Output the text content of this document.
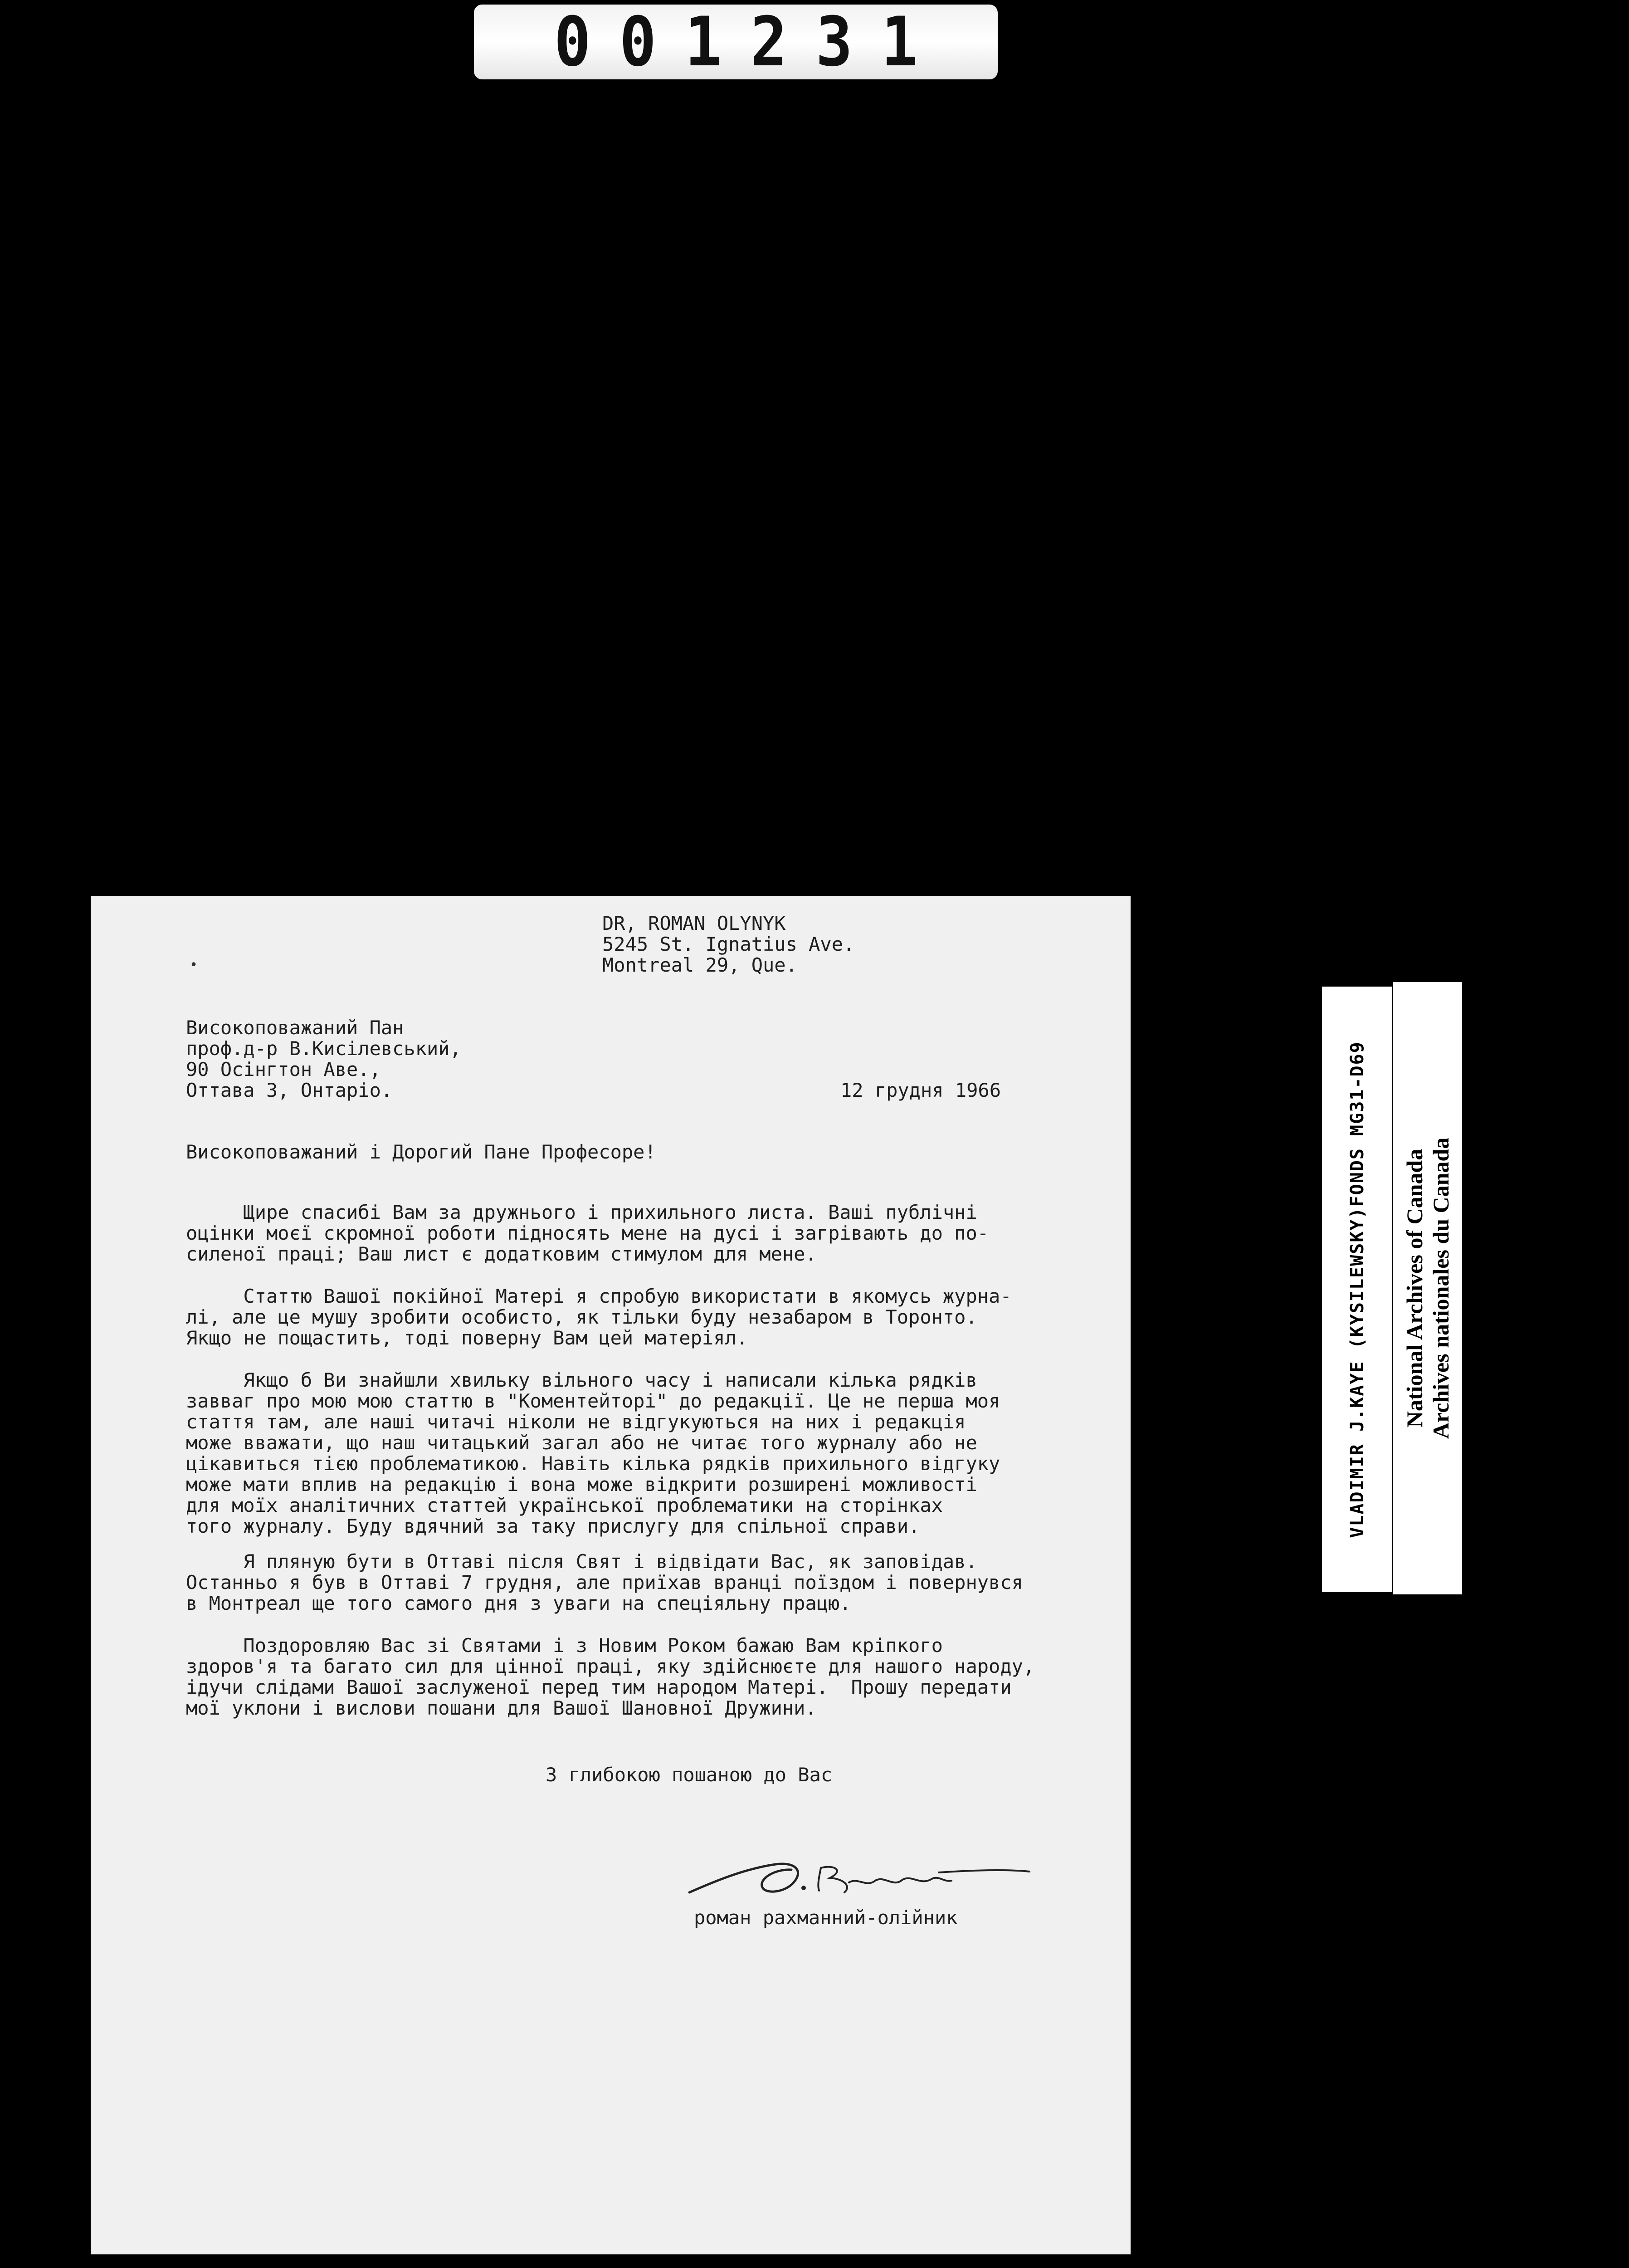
001231
•
DR, ROMAN OLYNYK
5245 St. Ignatius Ave.
Montreal 29, Que.
Високоповажаний Пан
проф.д-р В.Кисілевський,
90 Осінгтон Аве.,
Оттава 3, Онтаріо.	12 грудня 1966
Високоповажаний і Дорогий Пане Професоре!
Щире спасибі Вам за дружнього і прихильного листа. Ваші публічні
оцінки моєї скромної роботи підносять мене на дусі і загрівають до по-
силеної праці; Ваш лист є додатковим стимулом для мене.
Статтю Вашої покійної Матері я спробую використати в якомусь журна-
лі, але це мушу зробити особисто, як тільки буду незабаром в Торонто.
Якщо не пощастить, тоді поверну Вам цей матеріял.
Якщо б Ви знайшли хвильку вільного часу і написали кілька рядків
завваг про мою мою статтю в "Коментейторі" до редакції. Це не перша моя
стаття там, але наші читачі ніколи не відгукуються на них і редакція
може вважати, що наш читацький загал або не читає того журналу або не
цікавиться тією проблематикою. Навіть кілька рядків прихильного відгуку
може мати вплив на редакцію і вона може відкрити розширені можливості
для моїх аналітичних статтей української проблематики на сторінках
того журналу. Буду вдячний за таку прислугу для спільної справи.
Я пляную бути в Оттаві після Свят і відвідати Вас, як заповідав.
Останньо я був в Оттаві 7 грудня, але приїхав вранці поїздом і повернувся
в Монтреал ще того самого дня з уваги на спеціяльну працю.
Поздоровляю Вас зі Святами і з Новим Роком бажаю Вам кріпкого
здоров'я та багато сил для цінної праці, яку здійснюєте для нашого народу,
ідучи слідами Вашої заслуженої перед тим народом Матері.  Прошу передати
мої уклони і вислови пошани для Вашої Шановної Дружини.
З глибокою пошаною до Вас
роман рахманний-олійник
VLADIMIR J.KAYE (KYSILEWSKY)FONDS MG31-D69 National Archives of Canada Archives nationales du Canada
